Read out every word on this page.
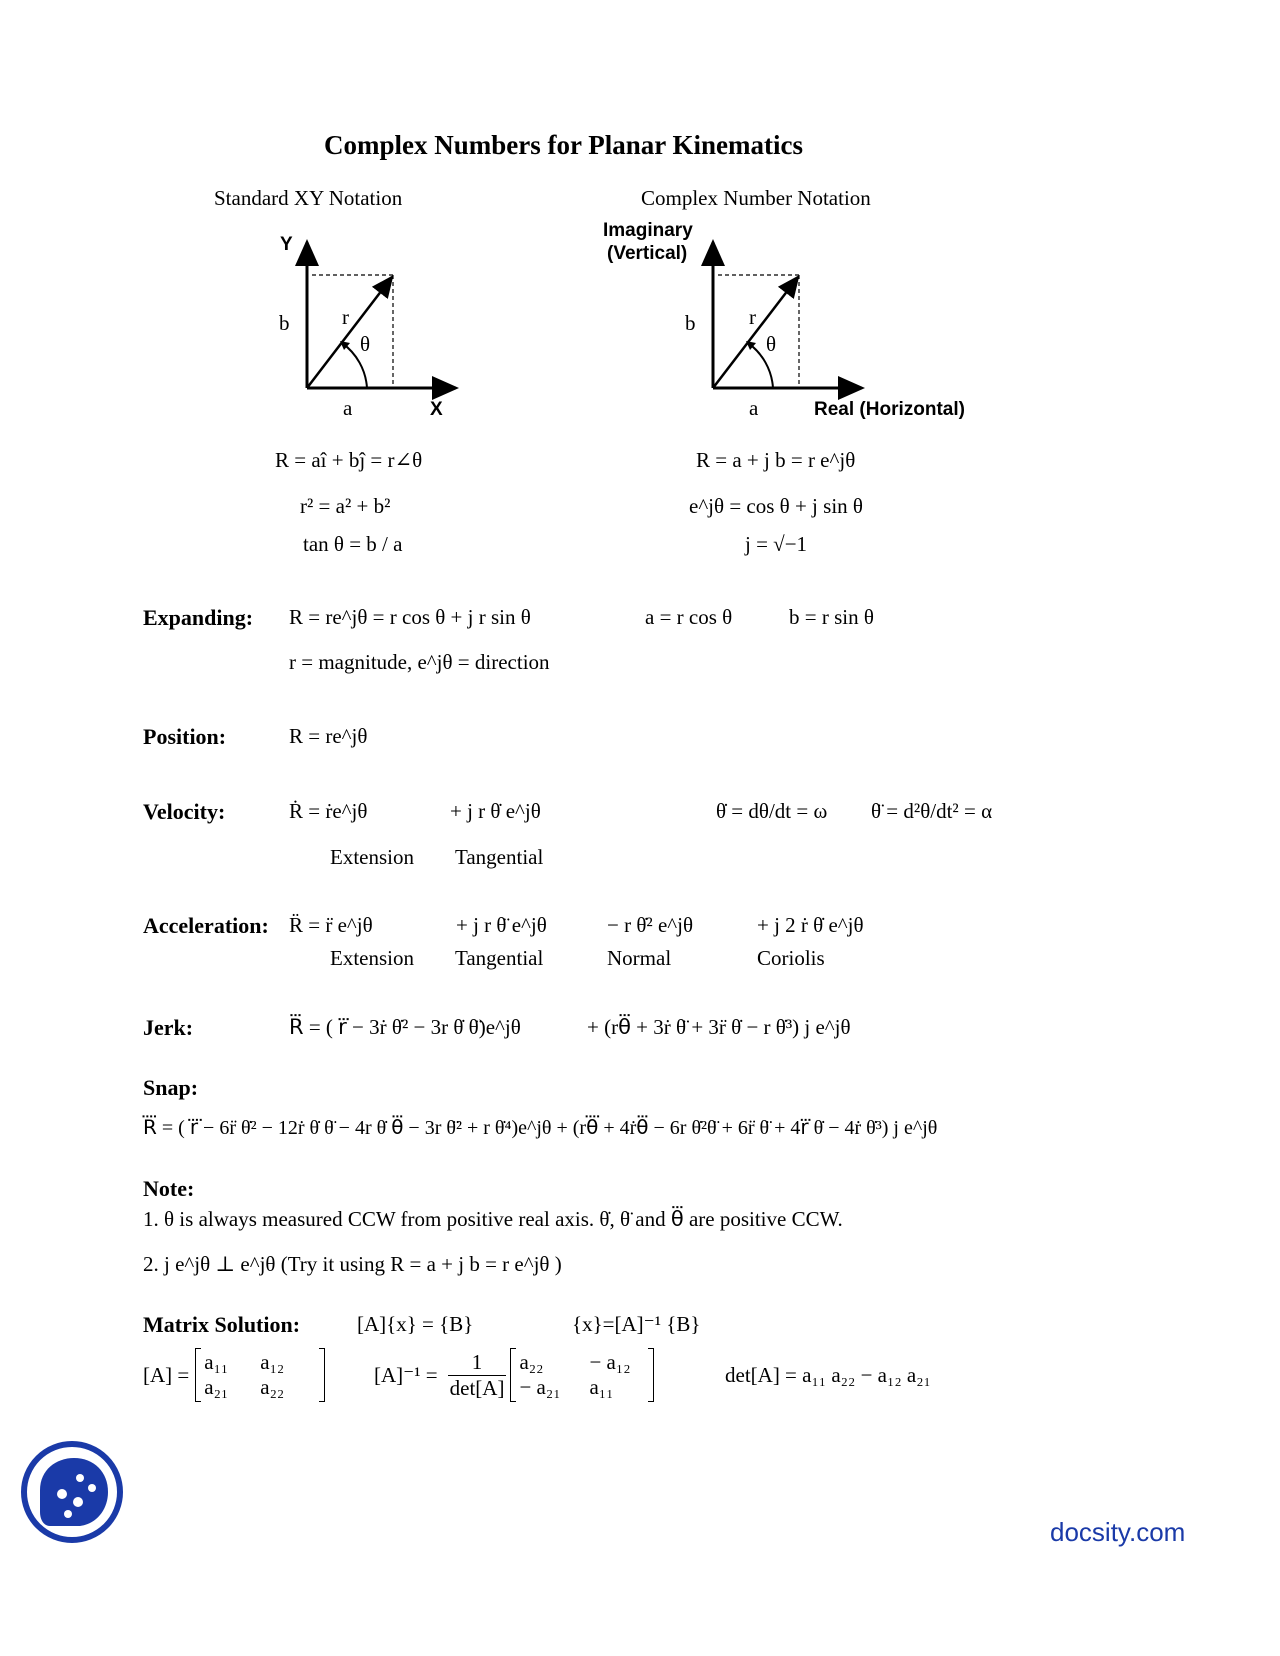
Complex Numbers for Planar Kinematics
Standard XY Notation	Complex Number Notation
Y
X
b	r
θ
a
Imaginary
(Vertical)
Real (Horizontal)
b	r
θ
a
R = aî + bĵ = r∠θ
r² = a² + b²
tan θ = b / a
R = a + j b = r e^jθ
e^jθ = cos θ + j sin θ
j = √−1
Expanding: R = re^jθ = r cos θ + j r sin θ	a = r cos θ	b = r sin θ
r = magnitude, e^jθ = direction
Position:	R = re^jθ
Velocity:	Ṙ = ṙe^jθ	+ j r θ̇ e^jθ	θ̇ = dθ/dt = ω θ̈ = d²θ/dt² = α
Extension Tangential
Acceleration: R̈ = r̈ e^jθ	+ j r θ̈ e^jθ	− r θ̇² e^jθ	+ j 2 ṙ θ̇ e^jθ
Extension Tangential	Normal	Coriolis
Jerk:	R⃛ = ( r⃛ − 3ṙ θ̇² − 3r θ̇ θ̈)e^jθ	+ (rθ⃛ + 3ṙ θ̈ + 3r̈ θ̇ − r θ̇³) j e^jθ
Snap:
R⃜ = ( r⃜ − 6r̈ θ̇² − 12ṙ θ̇ θ̈ − 4r θ̇ θ⃛ − 3r θ̈² + r θ̇⁴)e^jθ + (rθ⃜ + 4ṙθ⃛ − 6r θ̇²θ̈ + 6r̈ θ̈ + 4r⃛ θ̇ − 4ṙ θ̇³) j e^jθ
Note:
1. θ is always measured CCW from positive real axis. θ̇, θ̈ and θ⃛ are positive CCW.
2. j e^jθ ⊥ e^jθ (Try it using R = a + j b = r e^jθ )
Matrix Solution:	[A]{x} = {B}	{x}=[A]⁻¹ {B}
[A] =
a₁₁ a₁₂
a₂₁ a₂₂
$[A]^{-1} = \frac{1}{\det[A]} a_{22} - a_{12}$
− a₂₁ a₁₁	det[A] = a₁₁ a₂₂ − a₁₂ a₂₁
docsity.com
